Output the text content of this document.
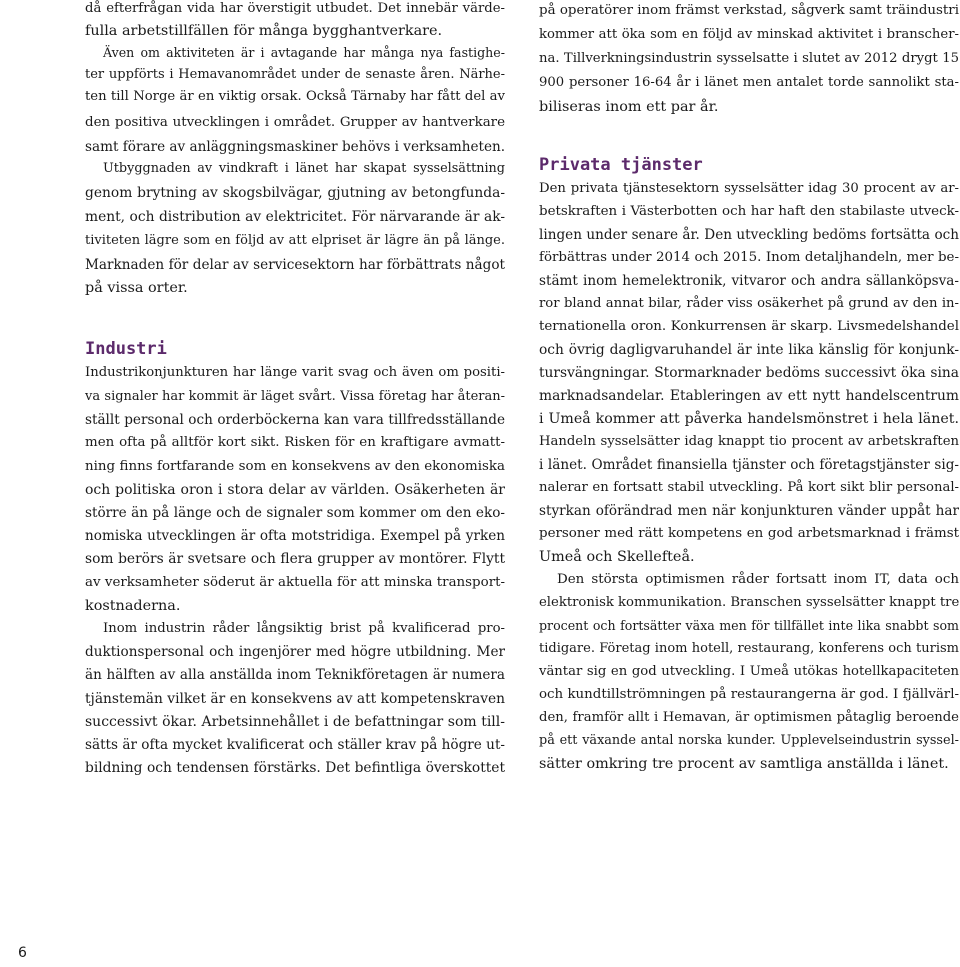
då efterfrågan vida har överstigit utbudet. Det innebär värde-
fulla arbetstillfällen för många bygghantverkare.
Även om aktiviteten är i avtagande har många nya fastighe-
ter uppförts i Hemavanområdet under de senaste åren. Närhe-
ten till Norge är en viktig orsak. Också Tärnaby har fått del av
den positiva utvecklingen i området. Grupper av hantverkare
samt förare av anläggningsmaskiner behövs i verksamheten.
Utbyggnaden av vindkraft i länet har skapat sysselsättning
genom brytning av skogsbilvägar, gjutning av betongfunda-
ment, och distribution av elektricitet. För närvarande är ak-
tiviteten lägre som en följd av att elpriset är lägre än på länge.
Marknaden för delar av servicesektorn har förbättrats något
på vissa orter.
Industri
Industrikonjunkturen har länge varit svag och även om positi-
va signaler har kommit är läget svårt. Vissa företag har återan-
ställt personal och orderböckerna kan vara tillfredsställande
men ofta på alltför kort sikt. Risken för en kraftigare avmatt-
ning finns fortfarande som en konsekvens av den ekonomiska
och politiska oron i stora delar av världen. Osäkerheten är
större än på länge och de signaler som kommer om den eko-
nomiska utvecklingen är ofta motstridiga. Exempel på yrken
som berörs är svetsare och flera grupper av montörer. Flytt
av verksamheter söderut är aktuella för att minska transport-
kostnaderna.
Inom industrin råder långsiktig brist på kvalificerad pro-
duktionspersonal och ingenjörer med högre utbildning. Mer
än hälften av alla anställda inom Teknikföretagen är numera
tjänstemän vilket är en konsekvens av att kompetenskraven
successivt ökar. Arbetsinnehållet i de befattningar som till-
sätts är ofta mycket kvalificerat och ställer krav på högre ut-
bildning och tendensen förstärks. Det befintliga överskottet
på operatörer inom främst verkstad, sågverk samt träindustri
kommer att öka som en följd av minskad aktivitet i branscher-
na. Tillverkningsindustrin sysselsatte i slutet av 2012 drygt 15
900 personer 16-64 år i länet men antalet torde sannolikt sta-
biliseras inom ett par år.
Privata tjänster
Den privata tjänstesektorn sysselsätter idag 30 procent av ar-
betskraften i Västerbotten och har haft den stabilaste utveck-
lingen under senare år. Den utveckling bedöms fortsätta och
förbättras under 2014 och 2015. Inom detaljhandeln, mer be-
stämt inom hemelektronik, vitvaror och andra sällanköpsva-
ror bland annat bilar, råder viss osäkerhet på grund av den in-
ternationella oron. Konkurrensen är skarp. Livsmedelshandel
och övrig dagligvaruhandel är inte lika känslig för konjunk-
tursvängningar. Stormarknader bedöms successivt öka sina
marknadsandelar. Etableringen av ett nytt handelscentrum
i Umeå kommer att påverka handelsmönstret i hela länet.
Handeln sysselsätter idag knappt tio procent av arbetskraften
i länet. Området finansiella tjänster och företagstjänster sig-
nalerar en fortsatt stabil utveckling. På kort sikt blir personal-
styrkan oförändrad men när konjunkturen vänder uppåt har
personer med rätt kompetens en god arbetsmarknad i främst
Umeå och Skellefteå.
Den största optimismen råder fortsatt inom IT, data och
elektronisk kommunikation. Branschen sysselsätter knappt tre
procent och fortsätter växa men för tillfället inte lika snabbt som
tidigare. Företag inom hotell, restaurang, konferens och turism
väntar sig en god utveckling. I Umeå utökas hotellkapaciteten
och kundtillströmningen på restaurangerna är god. I fjällvärl-
den, framför allt i Hemavan, är optimismen påtaglig beroende
på ett växande antal norska kunder. Upplevelseindustrin syssel-
sätter omkring tre procent av samtliga anställda i länet.
6
